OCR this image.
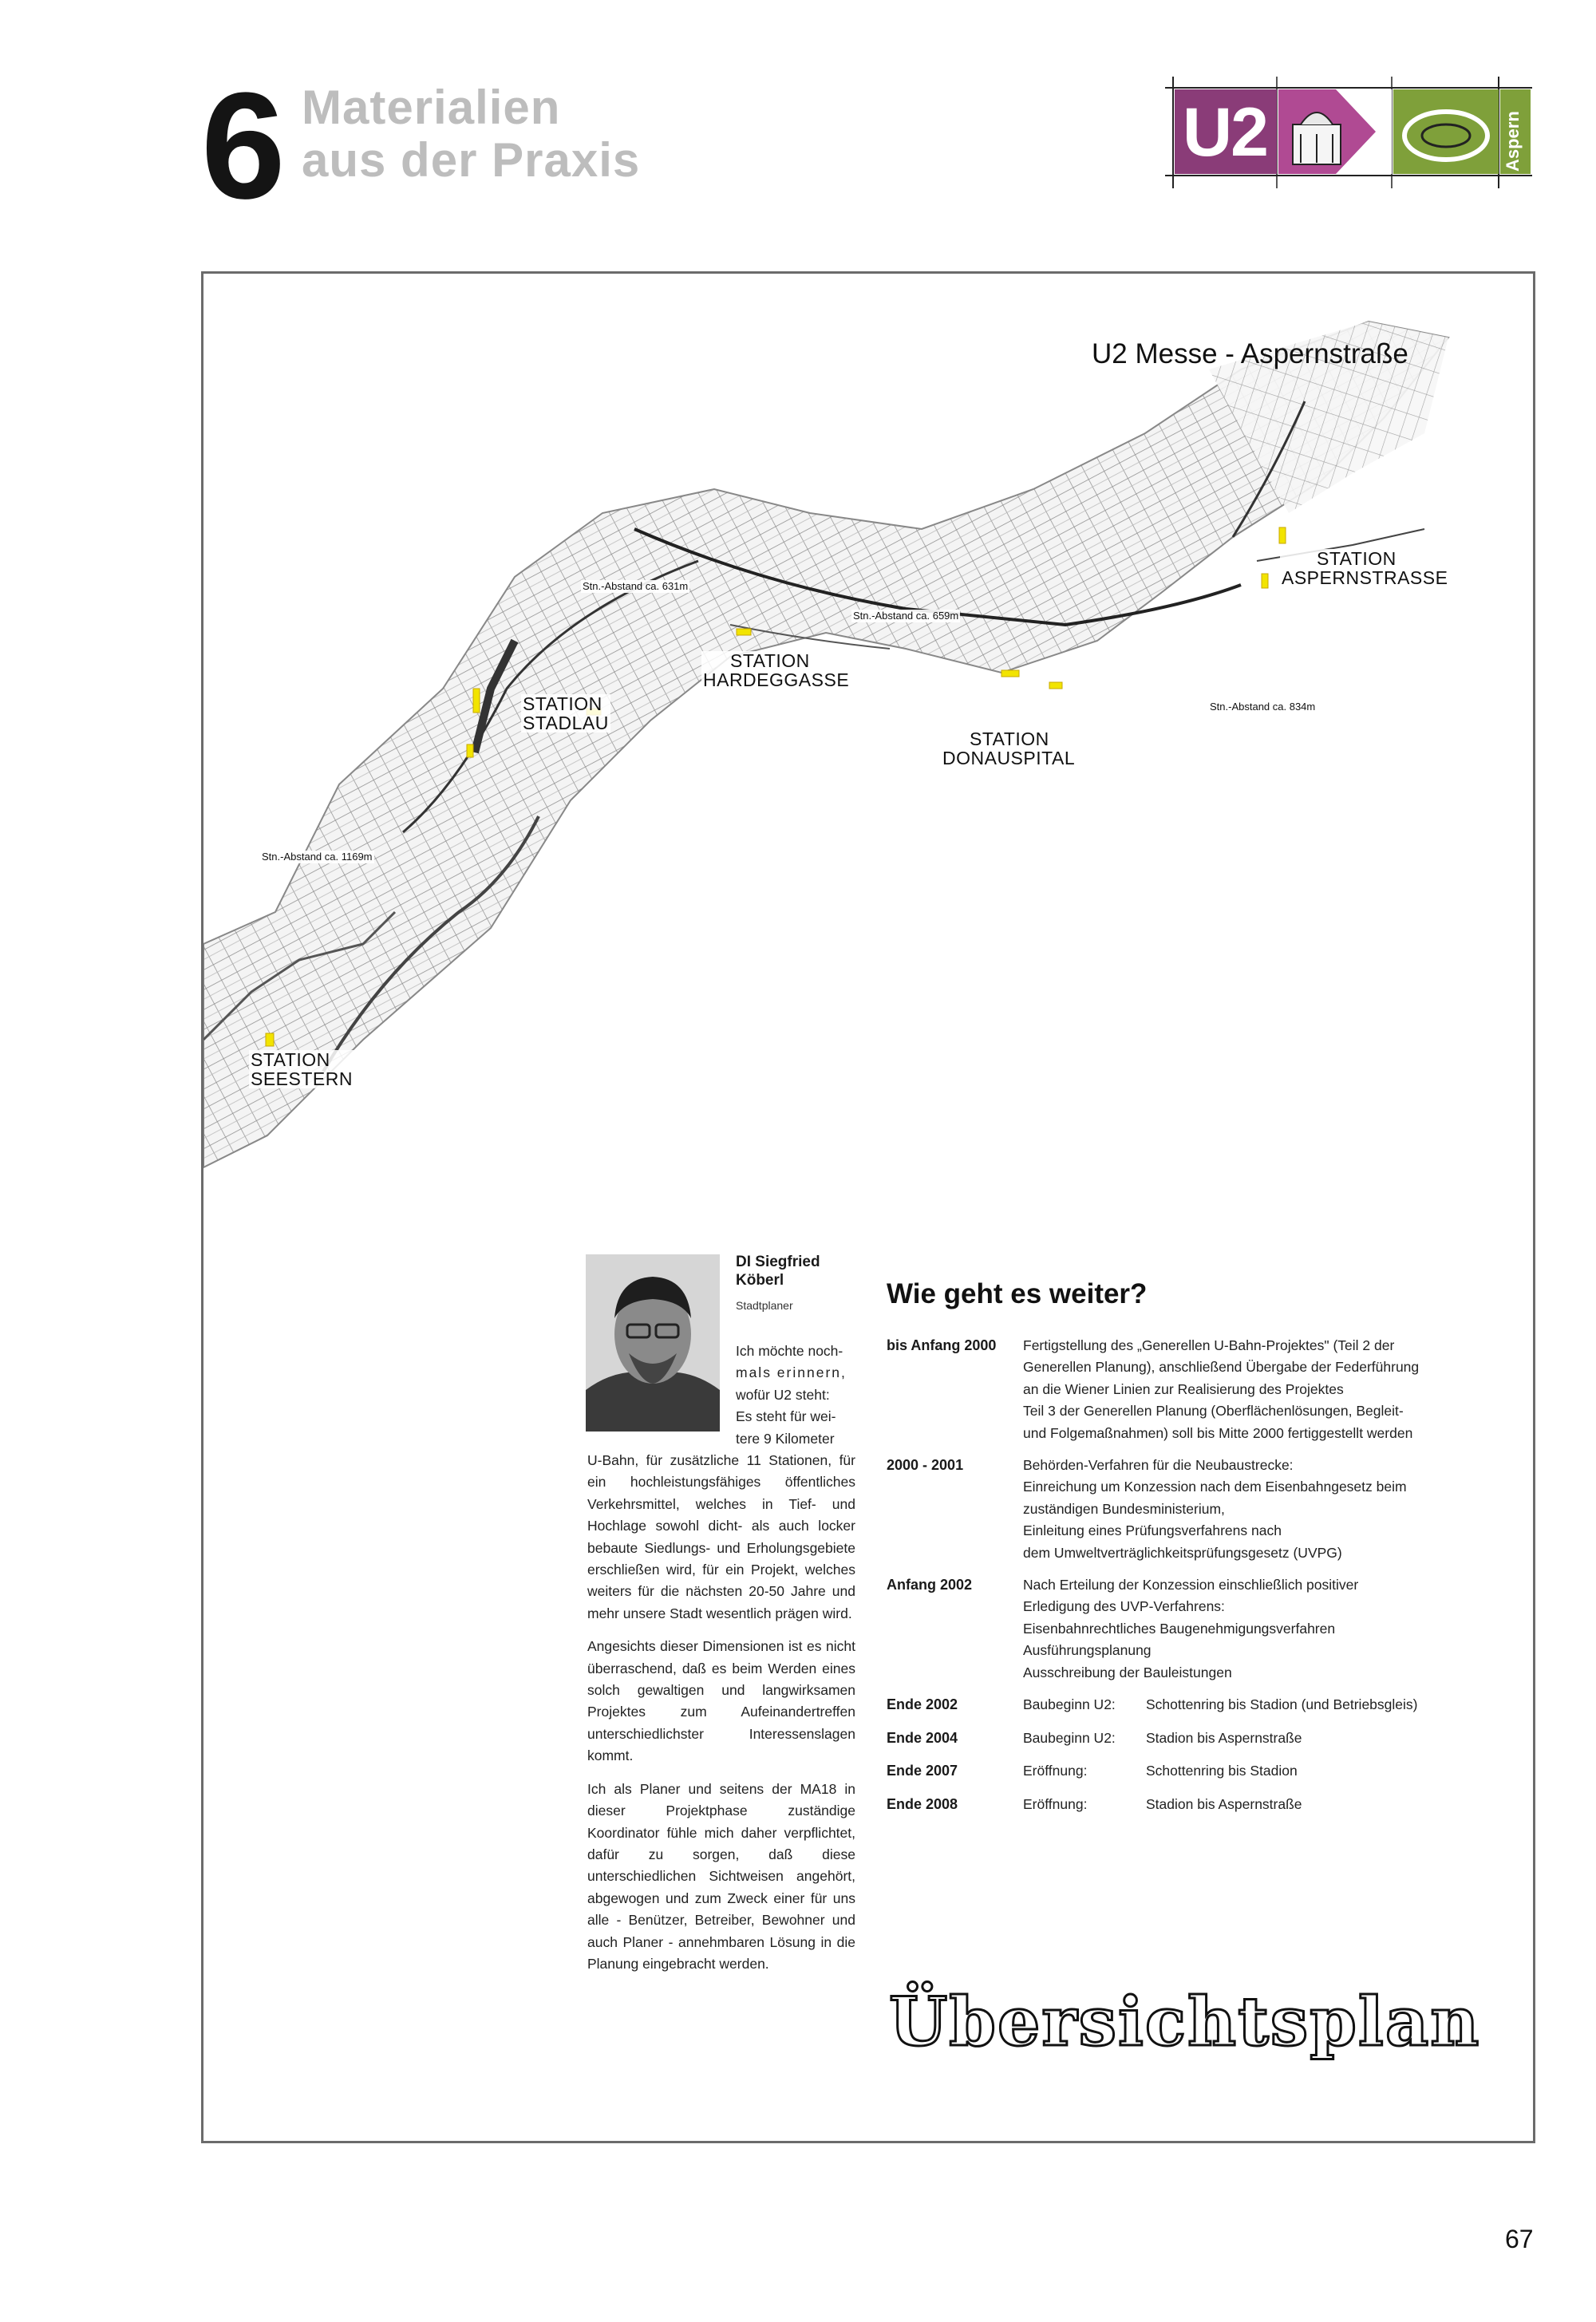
6 Materialien
aus der Praxis	U2	Aspern
U2 Messe - Aspernstraße
STATION
ASPERNSTRASSE
STATION
HARDEGGASSE
STATION
STADLAU
STATION
DONAUSPITAL
STATION
SEESTERN
Stn.-Abstand ca. 631m
Stn.-Abstand ca. 659m
Stn.-Abstand ca. 834m
Stn.-Abstand ca. 1169m
DI Siegfried
Köberl
Stadtplaner
Ich möchte noch-
mals erinnern,
wofür U2 steht:
Es steht für wei-
tere 9 Kilometer

U-Bahn, für zusätzliche 11 Stationen, für ein hochleistungsfähiges öffentliches Verkehrsmittel, welches in Tief- und Hochlage sowohl dicht- als auch locker bebaute Siedlungs- und Erholungsgebiete erschließen wird, für ein Projekt, welches weiters für die nächsten 20-50 Jahre und mehr unsere Stadt wesentlich prägen wird.

Angesichts dieser Dimensionen ist es nicht überraschend, daß es beim Werden eines solch gewaltigen und langwirksamen Projektes zum Aufeinandertreffen unterschiedlichster Interessenslagen kommt.

Ich als Planer und seitens der MA18 in dieser Projektphase zuständige Koordinator fühle mich daher verpflichtet, dafür zu sorgen, daß diese unterschiedlichen Sichtweisen angehört, abgewogen und zum Zweck einer für uns alle - Benützer, Betreiber, Bewohner und auch Planer - annehmbaren Lösung in die Planung eingebracht werden.

Wie geht es weiter?
bis Anfang 2000	Fertigstellung des „Generellen U-Bahn-Projektes" (Teil 2 der
Generellen Planung), anschließend Übergabe der Federführung
an die Wiener Linien zur Realisierung des Projektes
Teil 3 der Generellen Planung (Oberflächenlösungen, Begleit-
und Folgemaßnahmen) soll bis Mitte 2000 fertiggestellt werden
2000 - 2001	Behörden-Verfahren für die Neubaustrecke:
Einreichung um Konzession nach dem Eisenbahngesetz beim
zuständigen Bundesministerium,
Einleitung eines Prüfungsverfahrens nach
dem Umweltverträglichkeitsprüfungsgesetz (UVPG)
Anfang 2002	Nach Erteilung der Konzession einschließlich positiver
Erledigung des UVP-Verfahrens:
Eisenbahnrechtliches Baugenehmigungsverfahren
Ausführungsplanung
Ausschreibung der Bauleistungen
Ende 2002	Baubeginn U2:	Schottenring bis Stadion (und Betriebsgleis)
Ende 2004	Baubeginn U2:	Stadion bis Aspernstraße
Ende 2007	Eröffnung:	Schottenring bis Stadion
Ende 2008	Eröffnung:	Stadion bis Aspernstraße
Übersichtsplan
67
